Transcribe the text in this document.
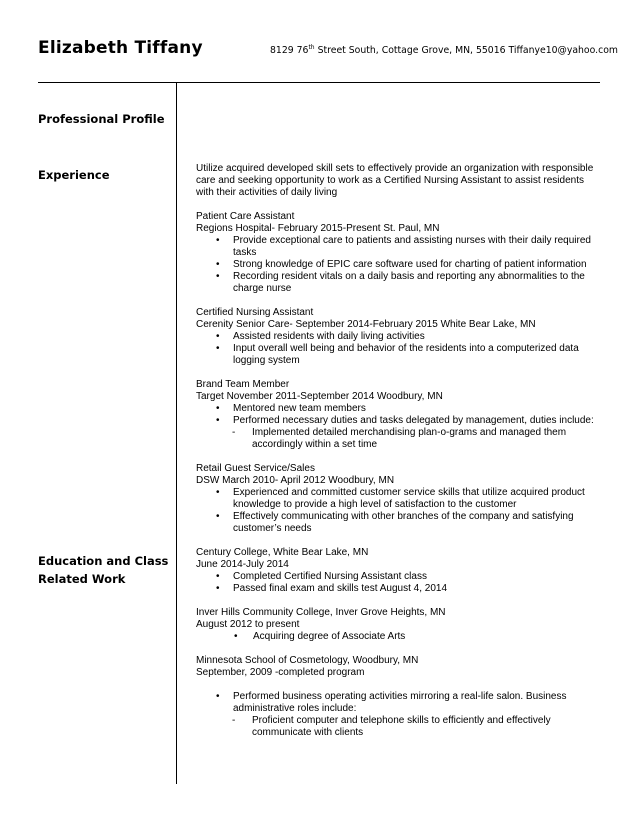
Elizabeth Tiffany	8129 76th Street South, Cottage Grove, MN, 55016 Tiffanye10@yahoo.com
Professional Profile
Experience
Education and Class
Related Work
Utilize acquired developed skill sets to effectively provide an organization with responsible care and seeking opportunity to work as a Certified Nursing Assistant to assist residents with their activities of daily living
Patient Care Assistant
Regions Hospital- February 2015-Present St. Paul, MN
• Provide exceptional care to patients and assisting nurses with their daily required tasks
• Strong knowledge of EPIC care software used for charting of patient information
• Recording resident vitals on a daily basis and reporting any abnormalities to the charge nurse
Certified Nursing Assistant
Cerenity Senior Care- September 2014-February 2015 White Bear Lake, MN
• Assisted residents with daily living activities
• Input overall well being and behavior of the residents into a computerized data logging system
Brand Team Member
Target November 2011-September 2014 Woodbury, MN
• Mentored new team members
• Performed necessary duties and tasks delegated by management, duties include:
- Implemented detailed merchandising plan-o-grams and managed them accordingly within a set time
Retail Guest Service/Sales
DSW March 2010- April 2012 Woodbury, MN
• Experienced and committed customer service skills that utilize acquired product knowledge to provide a high level of satisfaction to the customer
• Effectively communicating with other branches of the company and satisfying customer’s needs
Century College, White Bear Lake, MN
June 2014-July 2014
• Completed Certified Nursing Assistant class
• Passed final exam and skills test August 4, 2014
Inver Hills Community College, Inver Grove Heights, MN
August 2012 to present
• Acquiring degree of Associate Arts
Minnesota School of Cosmetology, Woodbury, MN
September, 2009 -completed program
• Performed business operating activities mirroring a real-life salon. Business administrative roles include:
- Proficient computer and telephone skills to efficiently and effectively communicate with clients
